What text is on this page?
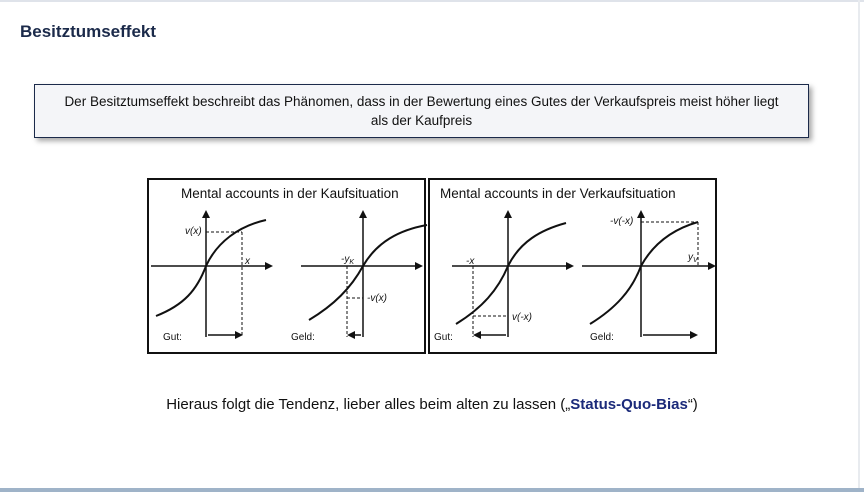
Besitztumseffekt
Der Besitztumseffekt beschreibt das Phänomen, dass in der Bewertung eines Gutes der Verkaufspreis meist höher liegt als der Kaufpreis
Mental accounts in der Kaufsituation
v(x)
x
Gut:
$-y_K$
-v(x)
Geld:
Mental accounts in der Verkaufsituation
-x
v(-x)
Gut:
-v(-x)
$y_V$
Geld:
Hieraus folgt die Tendenz, lieber alles beim alten zu lassen („Status-Quo-Bias“)
